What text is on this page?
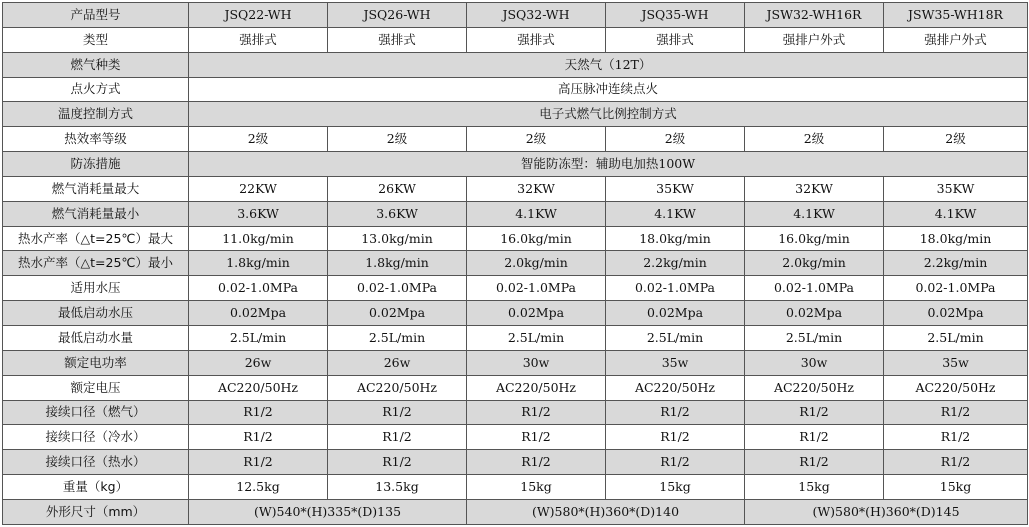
产品型号	JSQ22-WH	JSQ26-WH	JSQ32-WH	JSQ35-WH	JSW32-WH16R	JSW35-WH18R
类型	强排式	强排式	强排式	强排式	强排户外式	强排户外式
燃气种类	天然气（12T）					
点火方式	高压脉冲连续点火					
温度控制方式	电子式燃气比例控制方式					
热效率等级	2级	2级	2级	2级	2级	2级
防冻措施	智能防冻型：辅助电加热100W					
燃气消耗量最大	22KW	26KW	32KW	35KW	32KW	35KW
燃气消耗量最小	3.6KW	3.6KW	4.1KW	4.1KW	4.1KW	4.1KW
热水产率（△t=25℃）最大	11.0kg/min	13.0kg/min	16.0kg/min	18.0kg/min	16.0kg/min	18.0kg/min
热水产率（△t=25℃）最小	1.8kg/min	1.8kg/min	2.0kg/min	2.2kg/min	2.0kg/min	2.2kg/min
适用水压	0.02-1.0MPa	0.02-1.0MPa	0.02-1.0MPa	0.02-1.0MPa	0.02-1.0MPa	0.02-1.0MPa
最低启动水压	0.02Mpa	0.02Mpa	0.02Mpa	0.02Mpa	0.02Mpa	0.02Mpa
最低启动水量	2.5L/min	2.5L/min	2.5L/min	2.5L/min	2.5L/min	2.5L/min
额定电功率	26w	26w	30w	35w	30w	35w
额定电压	AC220/50Hz	AC220/50Hz	AC220/50Hz	AC220/50Hz	AC220/50Hz	AC220/50Hz
接续口径（燃气）	R1/2	R1/2	R1/2	R1/2	R1/2	R1/2
接续口径（冷水）	R1/2	R1/2	R1/2	R1/2	R1/2	R1/2
接续口径（热水）	R1/2	R1/2	R1/2	R1/2	R1/2	R1/2
重量（kg）	12.5kg	13.5kg	15kg	15kg	15kg	15kg
外形尺寸（mm）	(W)540*(H)335*(D)135		(W)580*(H)360*(D)140		(W)580*(H)360*(D)145	
